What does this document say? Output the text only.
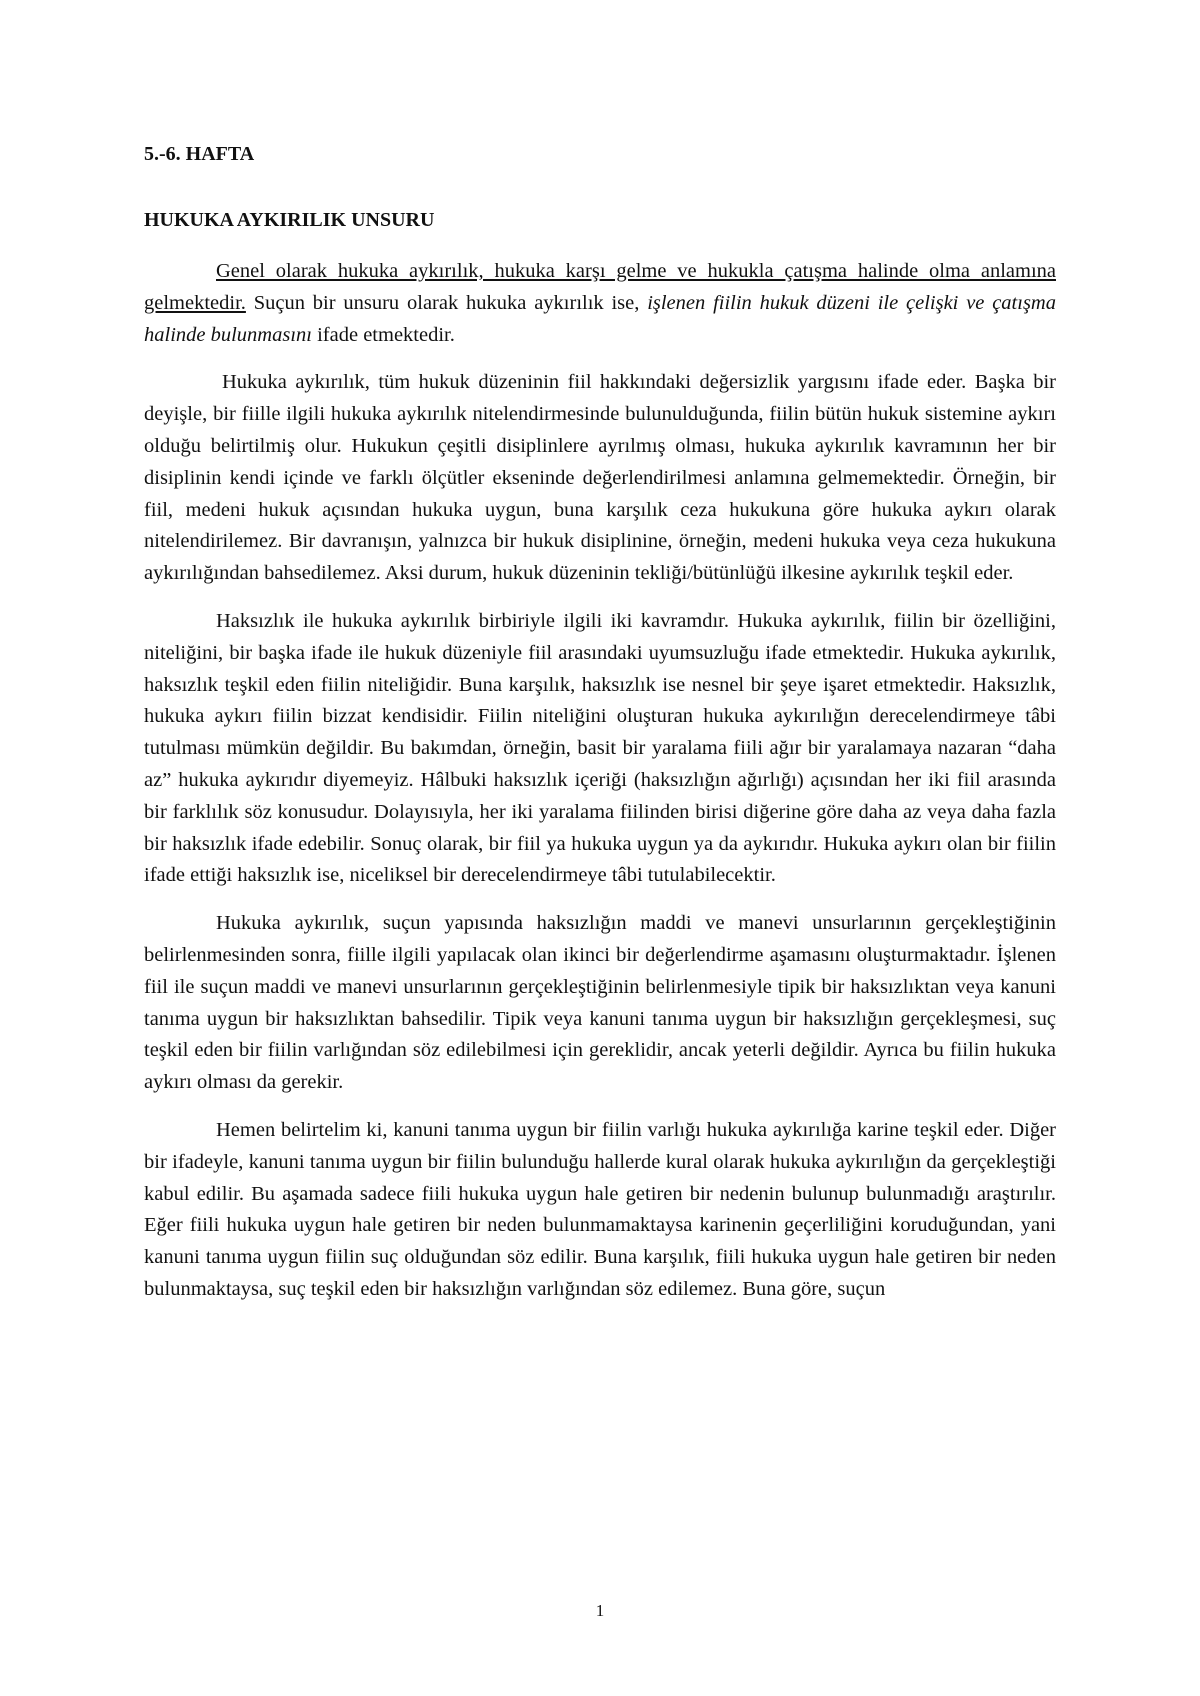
5.-6. HAFTA

HUKUKA AYKIRILIK UNSURU

Genel olarak hukuka aykırılık, hukuka karşı gelme ve hukukla çatışma halinde olma anlamına gelmektedir. Suçun bir unsuru olarak hukuka aykırılık ise, işlenen fiilin hukuk düzeni ile çelişki ve çatışma halinde bulunmasını ifade etmektedir.

Hukuka aykırılık, tüm hukuk düzeninin fiil hakkındaki değersizlik yargısını ifade eder. Başka bir deyişle, bir fiille ilgili hukuka aykırılık nitelendirmesinde bulunulduğunda, fiilin bütün hukuk sistemine aykırı olduğu belirtilmiş olur. Hukukun çeşitli disiplinlere ayrılmış olması, hukuka aykırılık kavramının her bir disiplinin kendi içinde ve farklı ölçütler ekseninde değerlendirilmesi anlamına gelmemektedir. Örneğin, bir fiil, medeni hukuk açısından hukuka uygun, buna karşılık ceza hukukuna göre hukuka aykırı olarak nitelendirilemez. Bir davranışın, yalnızca bir hukuk disiplinine, örneğin, medeni hukuka veya ceza hukukuna aykırılığından bahsedilemez. Aksi durum, hukuk düzeninin tekliği/bütünlüğü ilkesine aykırılık teşkil eder.

Haksızlık ile hukuka aykırılık birbiriyle ilgili iki kavramdır. Hukuka aykırılık, fiilin bir özelliğini, niteliğini, bir başka ifade ile hukuk düzeniyle fiil arasındaki uyumsuzluğu ifade etmektedir. Hukuka aykırılık, haksızlık teşkil eden fiilin niteliğidir. Buna karşılık, haksızlık ise nesnel bir şeye işaret etmektedir. Haksızlık, hukuka aykırı fiilin bizzat kendisidir. Fiilin niteliğini oluşturan hukuka aykırılığın derecelendirmeye tâbi tutulması mümkün değildir. Bu bakımdan, örneğin, basit bir yaralama fiili ağır bir yaralamaya nazaran “daha az” hukuka aykırıdır diyemeyiz. Hâlbuki haksızlık içeriği (haksızlığın ağırlığı) açısından her iki fiil arasında bir farklılık söz konusudur. Dolayısıyla, her iki yaralama fiilinden birisi diğerine göre daha az veya daha fazla bir haksızlık ifade edebilir. Sonuç olarak, bir fiil ya hukuka uygun ya da aykırıdır. Hukuka aykırı olan bir fiilin ifade ettiği haksızlık ise, niceliksel bir derecelendirmeye tâbi tutulabilecektir.

Hukuka aykırılık, suçun yapısında haksızlığın maddi ve manevi unsurlarının gerçekleştiğinin belirlenmesinden sonra, fiille ilgili yapılacak olan ikinci bir değerlendirme aşamasını oluşturmaktadır. İşlenen fiil ile suçun maddi ve manevi unsurlarının gerçekleştiğinin belirlenmesiyle tipik bir haksızlıktan veya kanuni tanıma uygun bir haksızlıktan bahsedilir. Tipik veya kanuni tanıma uygun bir haksızlığın gerçekleşmesi, suç teşkil eden bir fiilin varlığından söz edilebilmesi için gereklidir, ancak yeterli değildir. Ayrıca bu fiilin hukuka aykırı olması da gerekir.

Hemen belirtelim ki, kanuni tanıma uygun bir fiilin varlığı hukuka aykırılığa karine teşkil eder. Diğer bir ifadeyle, kanuni tanıma uygun bir fiilin bulunduğu hallerde kural olarak hukuka aykırılığın da gerçekleştiği kabul edilir. Bu aşamada sadece fiili hukuka uygun hale getiren bir nedenin bulunup bulunmadığı araştırılır. Eğer fiili hukuka uygun hale getiren bir neden bulunmamaktaysa karinenin geçerliliğini koruduğundan, yani kanuni tanıma uygun fiilin suç olduğundan söz edilir. Buna karşılık, fiili hukuka uygun hale getiren bir neden bulunmaktaysa, suç teşkil eden bir haksızlığın varlığından söz edilemez. Buna göre, suçun

1
